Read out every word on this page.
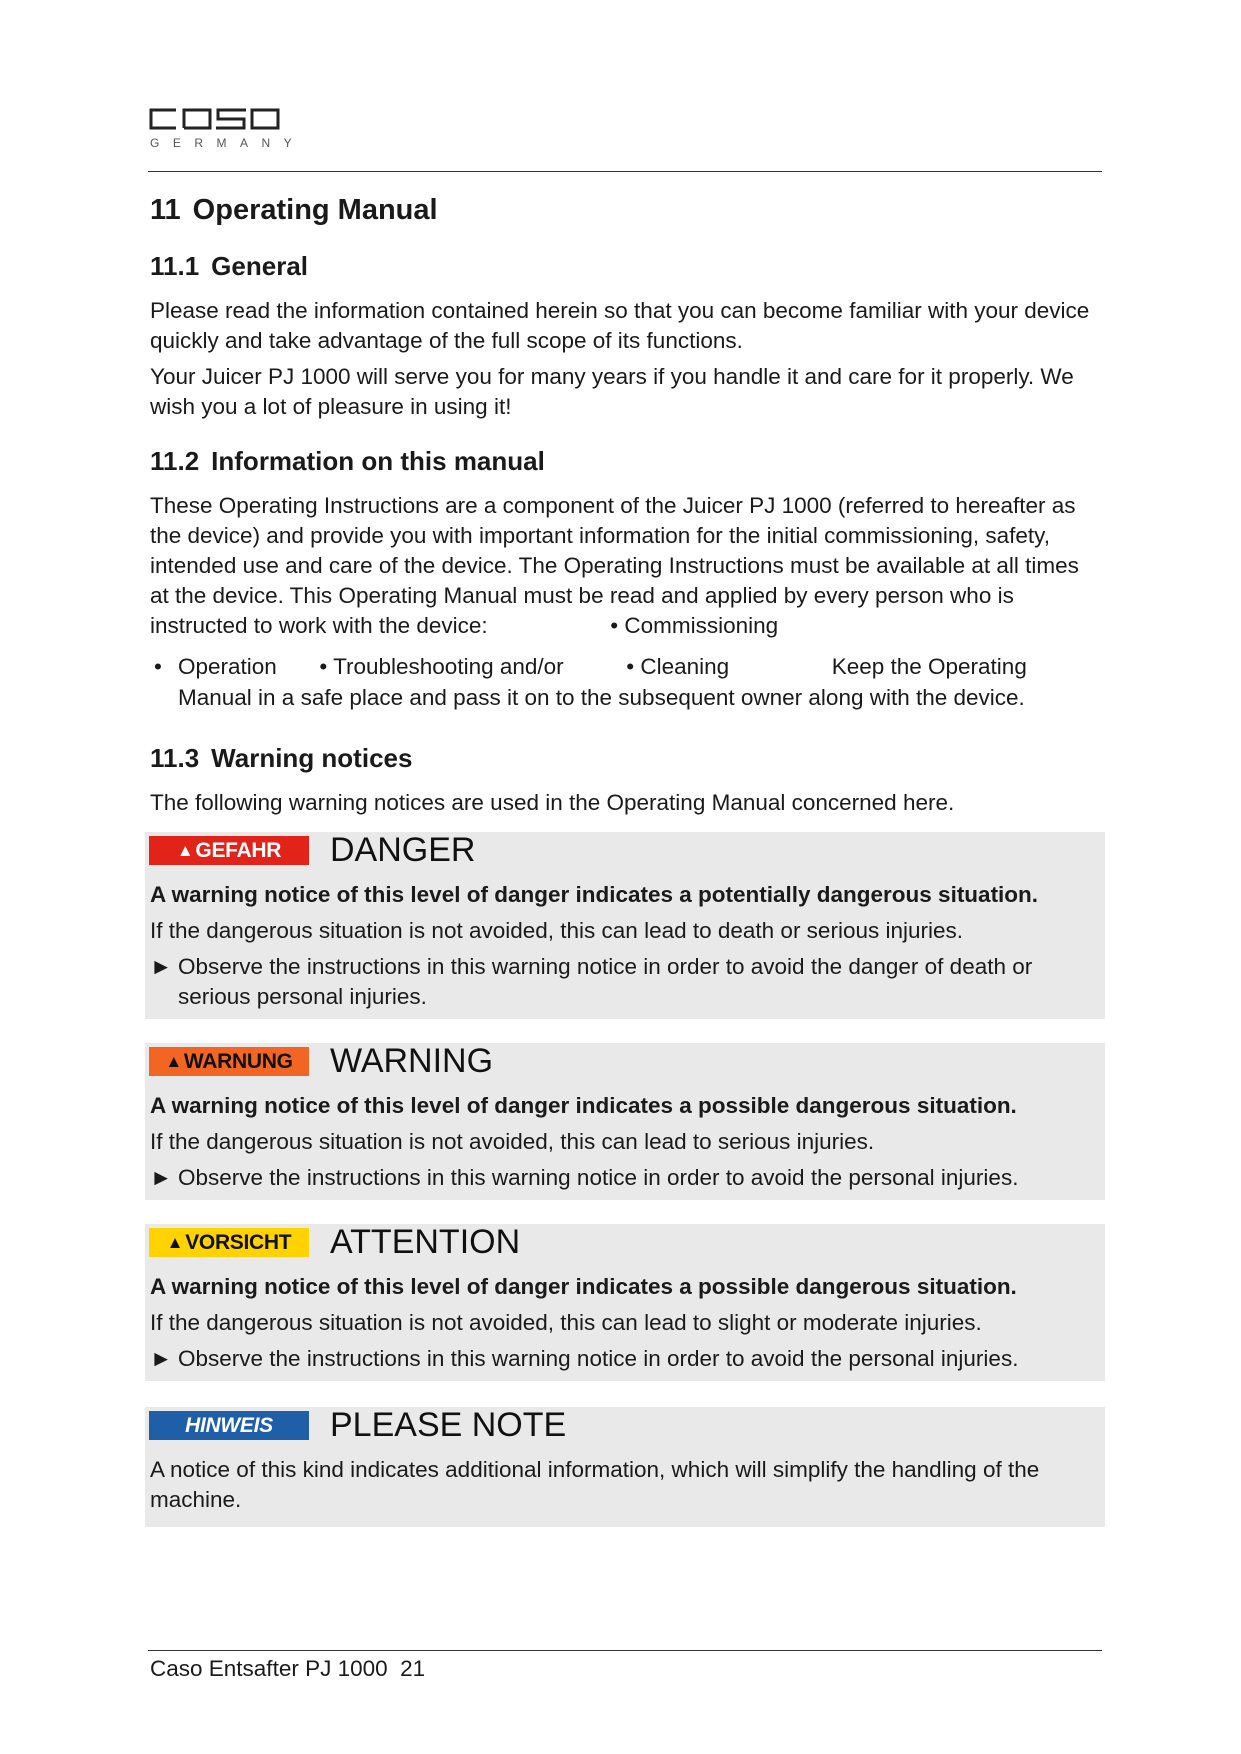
GERMANY
11 Operating Manual
11.1 General

Please read the information contained herein so that you can become familiar with your device quickly and take advantage of the full scope of its functions.

Your Juicer PJ 1000 will serve you for many years if you handle it and care for it properly. We wish you a lot of pleasure in using it!

11.2 Information on this manual

These Operating Instructions are a component of the Juicer PJ 1000 (referred to hereafter as the device) and provide you with important information for the initial commissioning, safety, intended use and care of the device. The Operating Instructions must be available at all times at the device. This Operating Manual must be read and applied by every person who is instructed to work with the device:	• Commissioning

• Operation • Troubleshooting and/or	• Cleaning	Keep the Operating
Manual in a safe place and pass it on to the subsequent owner along with the device.
11.3 Warning notices

The following warning notices are used in the Operating Manual concerned here.

▲GEFAHR	DANGER
A warning notice of this level of danger indicates a potentially dangerous situation.
If the dangerous situation is not avoided, this can lead to death or serious injuries.
► Observe the instructions in this warning notice in order to avoid the danger of death or serious personal injuries.
▲WARNUNG	WARNING
A warning notice of this level of danger indicates a possible dangerous situation.
If the dangerous situation is not avoided, this can lead to serious injuries.
► Observe the instructions in this warning notice in order to avoid the personal injuries.
▲VORSICHT	ATTENTION
A warning notice of this level of danger indicates a possible dangerous situation.
If the dangerous situation is not avoided, this can lead to slight or moderate injuries.
► Observe the instructions in this warning notice in order to avoid the personal injuries.
HINWEIS	PLEASE NOTE
A notice of this kind indicates additional information, which will simplify the handling of the machine.
Caso Entsafter PJ 1000 21
